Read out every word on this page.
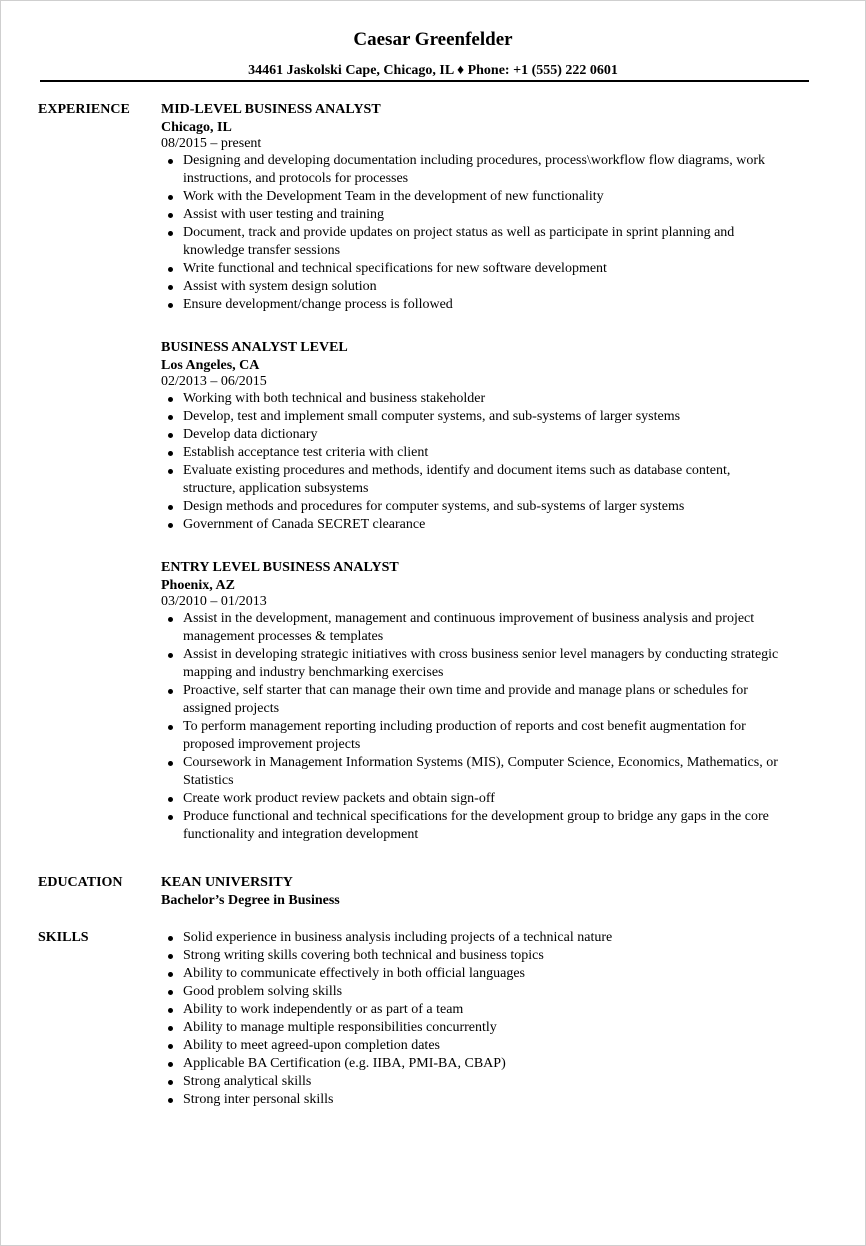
Caesar Greenfelder
34461 Jaskolski Cape, Chicago, IL ♦ Phone: +1 (555) 222 0601
EXPERIENCE MID-LEVEL BUSINESS ANALYST
Chicago, IL
08/2015 – present
Designing and developing documentation including procedures, process\workflow flow diagrams, work instructions, and protocols for processes
Work with the Development Team in the development of new functionality
Assist with user testing and training
Document, track and provide updates on project status as well as participate in sprint planning and knowledge transfer sessions
Write functional and technical specifications for new software development
Assist with system design solution
Ensure development/change process is followed
BUSINESS ANALYST LEVEL
Los Angeles, CA
02/2013 – 06/2015
Working with both technical and business stakeholder
Develop, test and implement small computer systems, and sub-systems of larger systems
Develop data dictionary
Establish acceptance test criteria with client
Evaluate existing procedures and methods, identify and document items such as database content, structure, application subsystems
Design methods and procedures for computer systems, and sub-systems of larger systems
Government of Canada SECRET clearance
ENTRY LEVEL BUSINESS ANALYST
Phoenix, AZ
03/2010 – 01/2013
Assist in the development, management and continuous improvement of business analysis and project management processes & templates
Assist in developing strategic initiatives with cross business senior level managers by conducting strategic mapping and industry benchmarking exercises
Proactive, self starter that can manage their own time and provide and manage plans or schedules for assigned projects
To perform management reporting including production of reports and cost benefit augmentation for proposed improvement projects
Coursework in Management Information Systems (MIS), Computer Science, Economics, Mathematics, or Statistics
Create work product review packets and obtain sign-off
Produce functional and technical specifications for the development group to bridge any gaps in the core functionality and integration development
EDUCATION	KEAN UNIVERSITY
Bachelor’s Degree in Business
SKILLS	Solid experience in business analysis including projects of a technical nature
Strong writing skills covering both technical and business topics
Ability to communicate effectively in both official languages
Good problem solving skills
Ability to work independently or as part of a team
Ability to manage multiple responsibilities concurrently
Ability to meet agreed-upon completion dates
Applicable BA Certification (e.g. IIBA, PMI-BA, CBAP)
Strong analytical skills
Strong inter personal skills
